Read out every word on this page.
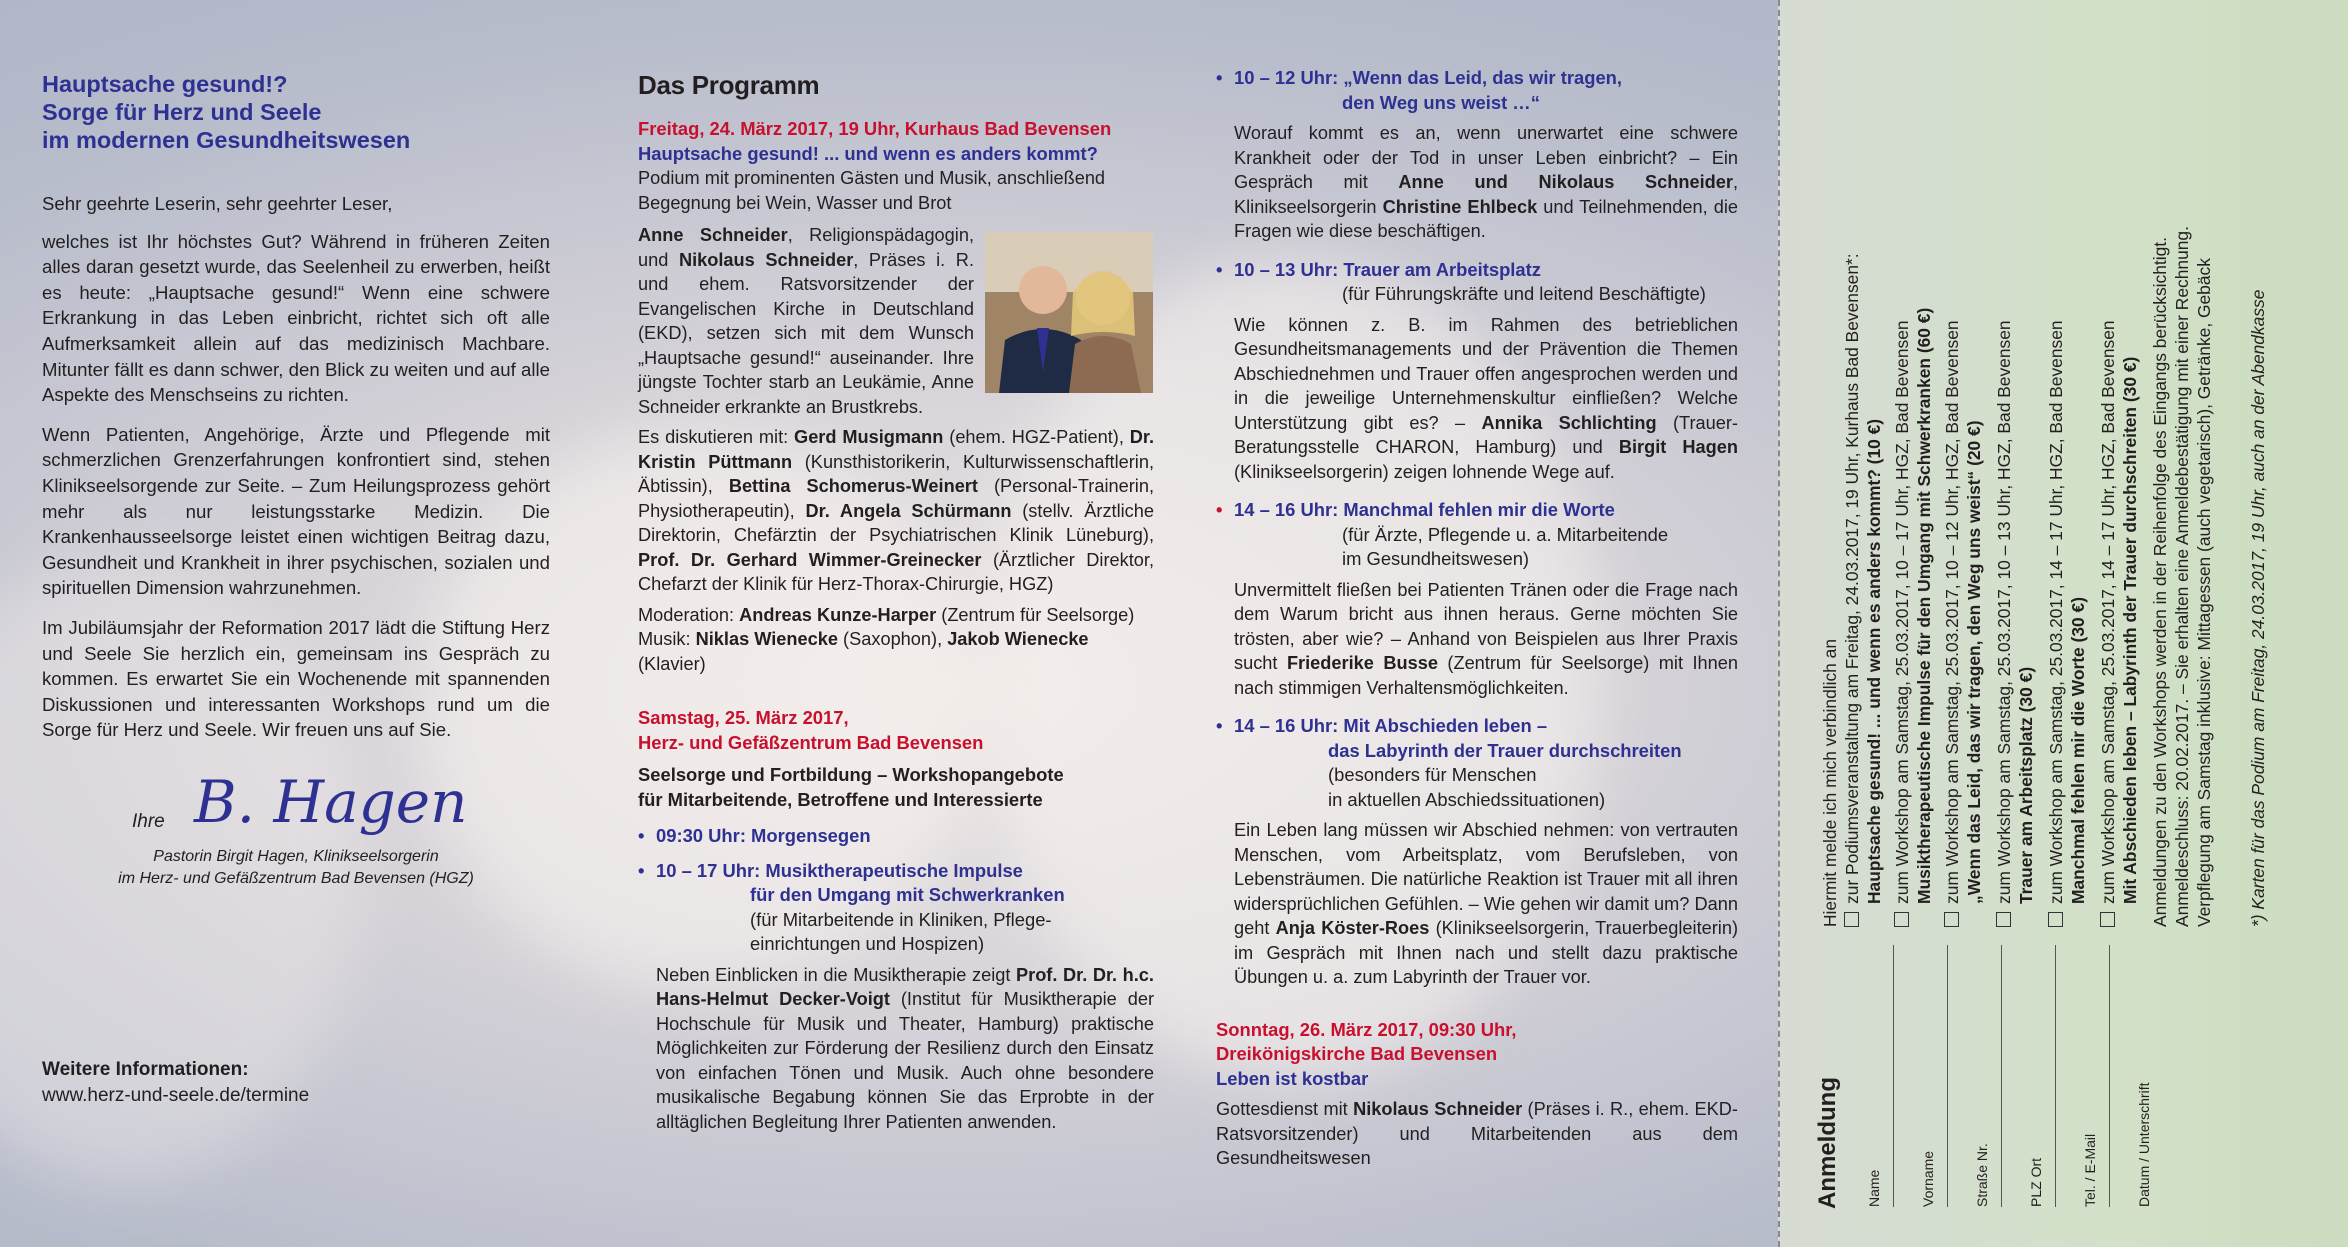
Hauptsache gesund!?
Sorge für Herz und Seele
im modernen Gesundheitswesen

Sehr geehrte Leserin, sehr geehrter Leser,

welches ist Ihr höchstes Gut? Während in früheren Zeiten alles daran gesetzt wurde, das Seelenheil zu erwerben, heißt es heute: „Hauptsache gesund!“ Wenn eine schwere Erkrankung in das Leben einbricht, richtet sich oft alle Aufmerksamkeit allein auf das medizinisch Machbare. Mitunter fällt es dann schwer, den Blick zu weiten und auf alle Aspekte des Menschseins zu richten.

Wenn Patienten, Angehörige, Ärzte und Pflegende mit schmerzlichen Grenzerfahrungen konfrontiert sind, stehen Klinikseelsorgende zur Seite. – Zum Heilungsprozess gehört mehr als nur leistungsstarke Medizin. Die Krankenhausseelsorge leistet einen wichtigen Beitrag dazu, Gesundheit und Krankheit in ihrer psychischen, sozialen und spirituellen Dimension wahrzunehmen.

Im Jubiläumsjahr der Reformation 2017 lädt die Stiftung Herz und Seele Sie herzlich ein, gemeinsam ins Gespräch zu kommen. Es erwartet Sie ein Wochenende mit spannenden Diskussionen und interessanten Workshops rund um die Sorge für Herz und Seele. Wir freuen uns auf Sie.

Ihre B. Hagen
Pastorin Birgit Hagen, Klinikseelsorgerin
im Herz- und Gefäßzentrum Bad Bevensen (HGZ)
Weitere Informationen:
www.herz-und-seele.de/termine
Das Programm

Freitag, 24. März 2017, 19 Uhr, Kurhaus Bad Bevensen

Hauptsache gesund! ... und wenn es anders kommt?

Podium mit prominenten Gästen und Musik, anschließend Begegnung bei Wein, Wasser und Brot

Anne Schneider, Religionspädagogin, und Nikolaus Schneider, Präses i. R. und ehem. Ratsvorsitzender der Evangelischen Kirche in Deutschland (EKD), setzen sich mit dem Wunsch „Hauptsache gesund!“ auseinander. Ihre jüngste Tochter starb an Leukämie, Anne Schneider erkrankte an Brustkrebs.

Es diskutieren mit: Gerd Musigmann (ehem. HGZ-Patient), Dr. Kristin Püttmann (Kunsthistorikerin, Kulturwissenschaftlerin, Äbtissin), Bettina Schomerus-Weinert (Personal-Trainerin, Physiotherapeutin), Dr. Angela Schürmann (stellv. Ärztliche Direktorin, Chefärztin der Psychiatrischen Klinik Lüneburg), Prof. Dr. Gerhard Wimmer-Greinecker (Ärztlicher Direktor, Chefarzt der Klinik für Herz-Thorax-Chirurgie, HGZ)

Moderation: Andreas Kunze-Harper (Zentrum für Seelsorge)

Musik: Niklas Wienecke (Saxophon), Jakob Wienecke (Klavier)

Samstag, 25. März 2017,

Herz- und Gefäßzentrum Bad Bevensen

Seelsorge und Fortbildung – Workshopangebote

für Mitarbeitende, Betroffene und Interessierte

• 09:30 Uhr: Morgensegen

• 10 – 17 Uhr: Musiktherapeutische Impulse

für den Umgang mit Schwerkranken

(für Mitarbeitende in Kliniken, Pflege-

einrichtungen und Hospizen)

Neben Einblicken in die Musiktherapie zeigt Prof. Dr. Dr. h.c. Hans-Helmut Decker-Voigt (Institut für Musiktherapie der Hochschule für Musik und Theater, Hamburg) praktische Möglichkeiten zur Förderung der Resilienz durch den Einsatz von einfachen Tönen und Musik. Auch ohne besondere musikalische Begabung können Sie das Erprobte in der alltäglichen Begleitung Ihrer Patienten anwenden.

• 10 – 12 Uhr: „Wenn das Leid, das wir tragen,

den Weg uns weist …“

Worauf kommt es an, wenn unerwartet eine schwere Krankheit oder der Tod in unser Leben einbricht? – Ein Gespräch mit Anne und Nikolaus Schneider, Klinikseelsorgerin Christine Ehlbeck und Teilnehmenden, die Fragen wie diese beschäftigen.

• 10 – 13 Uhr: Trauer am Arbeitsplatz

(für Führungskräfte und leitend Beschäftigte)

Wie können z. B. im Rahmen des betrieblichen Gesundheitsmanagements und der Prävention die Themen Abschiednehmen und Trauer offen angesprochen werden und in die jeweilige Unternehmenskultur einfließen? Welche Unterstützung gibt es? – Annika Schlichting (Trauer-Beratungsstelle CHARON, Hamburg) und Birgit Hagen (Klinikseelsorgerin) zeigen lohnende Wege auf.

• 14 – 16 Uhr: Manchmal fehlen mir die Worte

(für Ärzte, Pflegende u. a. Mitarbeitende

im Gesundheitswesen)

Unvermittelt fließen bei Patienten Tränen oder die Frage nach dem Warum bricht aus ihnen heraus. Gerne möchten Sie trösten, aber wie? – Anhand von Beispielen aus Ihrer Praxis sucht Friederike Busse (Zentrum für Seelsorge) mit Ihnen nach stimmigen Verhaltensmöglichkeiten.

• 14 – 16 Uhr: Mit Abschieden leben –

das Labyrinth der Trauer durchschreiten

(besonders für Menschen

in aktuellen Abschiedssituationen)

Ein Leben lang müssen wir Abschied nehmen: von vertrauten Menschen, vom Arbeitsplatz, vom Berufsleben, von Lebensträumen. Die natürliche Reaktion ist Trauer mit all ihren widersprüchlichen Gefühlen. – Wie gehen wir damit um? Dann geht Anja Köster-Roes (Klinikseelsorgerin, Trauerbegleiterin) im Gespräch mit Ihnen nach und stellt dazu praktische Übungen u. a. zum Labyrinth der Trauer vor.

Sonntag, 26. März 2017, 09:30 Uhr,

Dreikönigskirche Bad Bevensen

Leben ist kostbar

Gottesdienst mit Nikolaus Schneider (Präses i. R., ehem. EKD-Ratsvorsitzender) und Mitarbeitenden aus dem Gesundheitswesen	Anmeldung Name	Vorname	Straße Nr.	PLZ Ort	Tel. / E-Mail	Datum / Unterschrift
Hiermit melde ich mich verbindlich an zur Podiumsveranstaltung am Freitag, 24.03.2017, 19 Uhr, Kurhaus Bad Bevensen*: Hauptsache gesund! ... und wenn es anders kommt? (10 €) zum Workshop am Samstag, 25.03.2017, 10 – 17 Uhr, HGZ, Bad Bevensen Musiktherapeutische Impulse für den Umgang mit Schwerkranken (60 €) zum Workshop am Samstag, 25.03.2017, 10 – 12 Uhr, HGZ, Bad Bevensen „Wenn das Leid, das wir tragen, den Weg uns weist“ (20 €) zum Workshop am Samstag, 25.03.2017, 10 – 13 Uhr, HGZ, Bad Bevensen Trauer am Arbeitsplatz (30 €) zum Workshop am Samstag, 25.03.2017, 14 – 17 Uhr, HGZ, Bad Bevensen Manchmal fehlen mir die Worte (30 €) zum Workshop am Samstag, 25.03.2017, 14 – 17 Uhr, HGZ, Bad Bevensen Mit Abschieden leben – Labyrinth der Trauer durchschreiten (30 €) Anmeldungen zu den Workshops werden in der Reihenfolge des Eingangs berücksichtigt. Anmeldeschluss: 20.02.2017. – Sie erhalten eine Anmeldebestätigung mit einer Rechnung. Verpflegung am Samstag inklusive: Mittagessen (auch vegetarisch), Getränke, Gebäck *) Karten für das Podium am Freitag, 24.03.2017, 19 Uhr, auch an der Abendkasse
